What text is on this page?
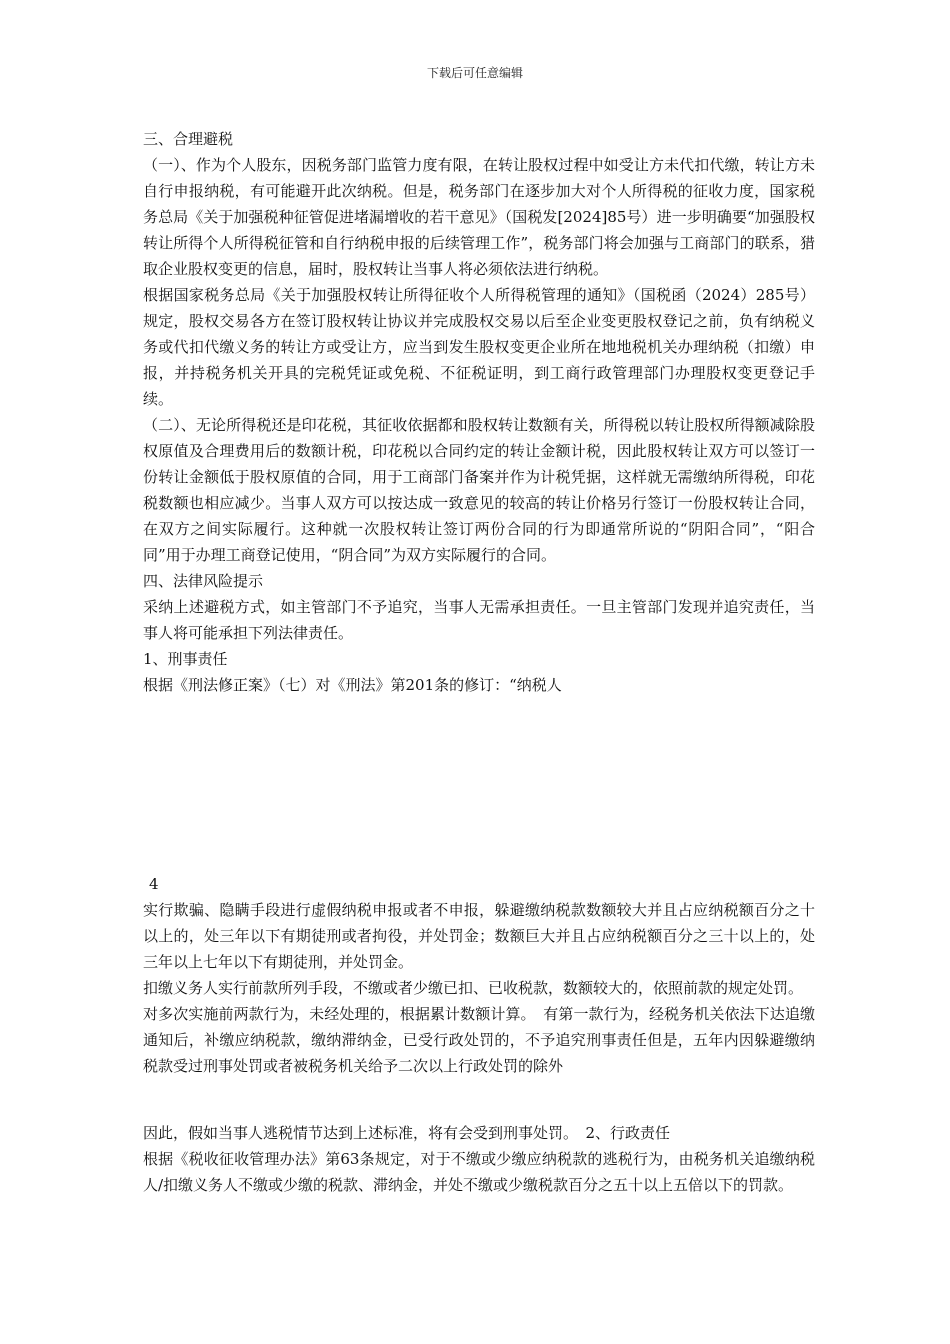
下载后可任意编辑

三、合理避税

（一）、作为个人股东，因税务部门监管力度有限，在转让股权过程中如受让方未代扣代缴，转让方未自行申报纳税，有可能避开此次纳税。但是，税务部门在逐步加大对个人所得税的征收力度，国家税务总局《关于加强税种征管促进堵漏增收的若干意见》（国税发[2024]85号）进一步明确要“加强股权转让所得个人所得税征管和自行纳税申报的后续管理工作”，税务部门将会加强与工商部门的联系，猎取企业股权变更的信息，届时，股权转让当事人将必须依法进行纳税。

根据国家税务总局《关于加强股权转让所得征收个人所得税管理的通知》（国税函（2024）285号）规定，股权交易各方在签订股权转让协议并完成股权交易以后至企业变更股权登记之前，负有纳税义务或代扣代缴义务的转让方或受让方，应当到发生股权变更企业所在地地税机关办理纳税（扣缴）申报，并持税务机关开具的完税凭证或免税、不征税证明，到工商行政管理部门办理股权变更登记手续。

（二）、无论所得税还是印花税，其征收依据都和股权转让数额有关，所得税以转让股权所得额减除股权原值及合理费用后的数额计税，印花税以合同约定的转让金额计税，因此股权转让双方可以签订一份转让金额低于股权原值的合同，用于工商部门备案并作为计税凭据，这样就无需缴纳所得税，印花税数额也相应减少。当事人双方可以按达成一致意见的较高的转让价格另行签订一份股权转让合同，在双方之间实际履行。这种就一次股权转让签订两份合同的行为即通常所说的“阴阳合同”，“阳合同”用于办理工商登记使用，“阴合同”为双方实际履行的合同。

四、法律风险提示

采纳上述避税方式，如主管部门不予追究，当事人无需承担责任。一旦主管部门发现并追究责任，当事人将可能承担下列法律责任。

1、刑事责任

根据《刑法修正案》（七）对《刑法》第201条的修订：“纳税人

4

实行欺骗、隐瞒手段进行虚假纳税申报或者不申报，躲避缴纳税款数额较大并且占应纳税额百分之十以上的，处三年以下有期徒刑或者拘役，并处罚金；数额巨大并且占应纳税额百分之三十以上的，处三年以上七年以下有期徒刑，并处罚金。

扣缴义务人实行前款所列手段，不缴或者少缴已扣、已收税款，数额较大的，依照前款的规定处罚。

对多次实施前两款行为，未经处理的，根据累计数额计算。　有第一款行为，经税务机关依法下达追缴通知后，补缴应纳税款，缴纳滞纳金，已受行政处罚的，不予追究刑事责任但是，五年内因躲避缴纳税款受过刑事处罚或者被税务机关给予二次以上行政处罚的除外

因此，假如当事人逃税情节达到上述标准，将有会受到刑事处罚。　2、行政责任

根据《税收征收管理办法》第63条规定，对于不缴或少缴应纳税款的逃税行为，由税务机关追缴纳税人/扣缴义务人不缴或少缴的税款、滞纳金，并处不缴或少缴税款百分之五十以上五倍以下的罚款。
